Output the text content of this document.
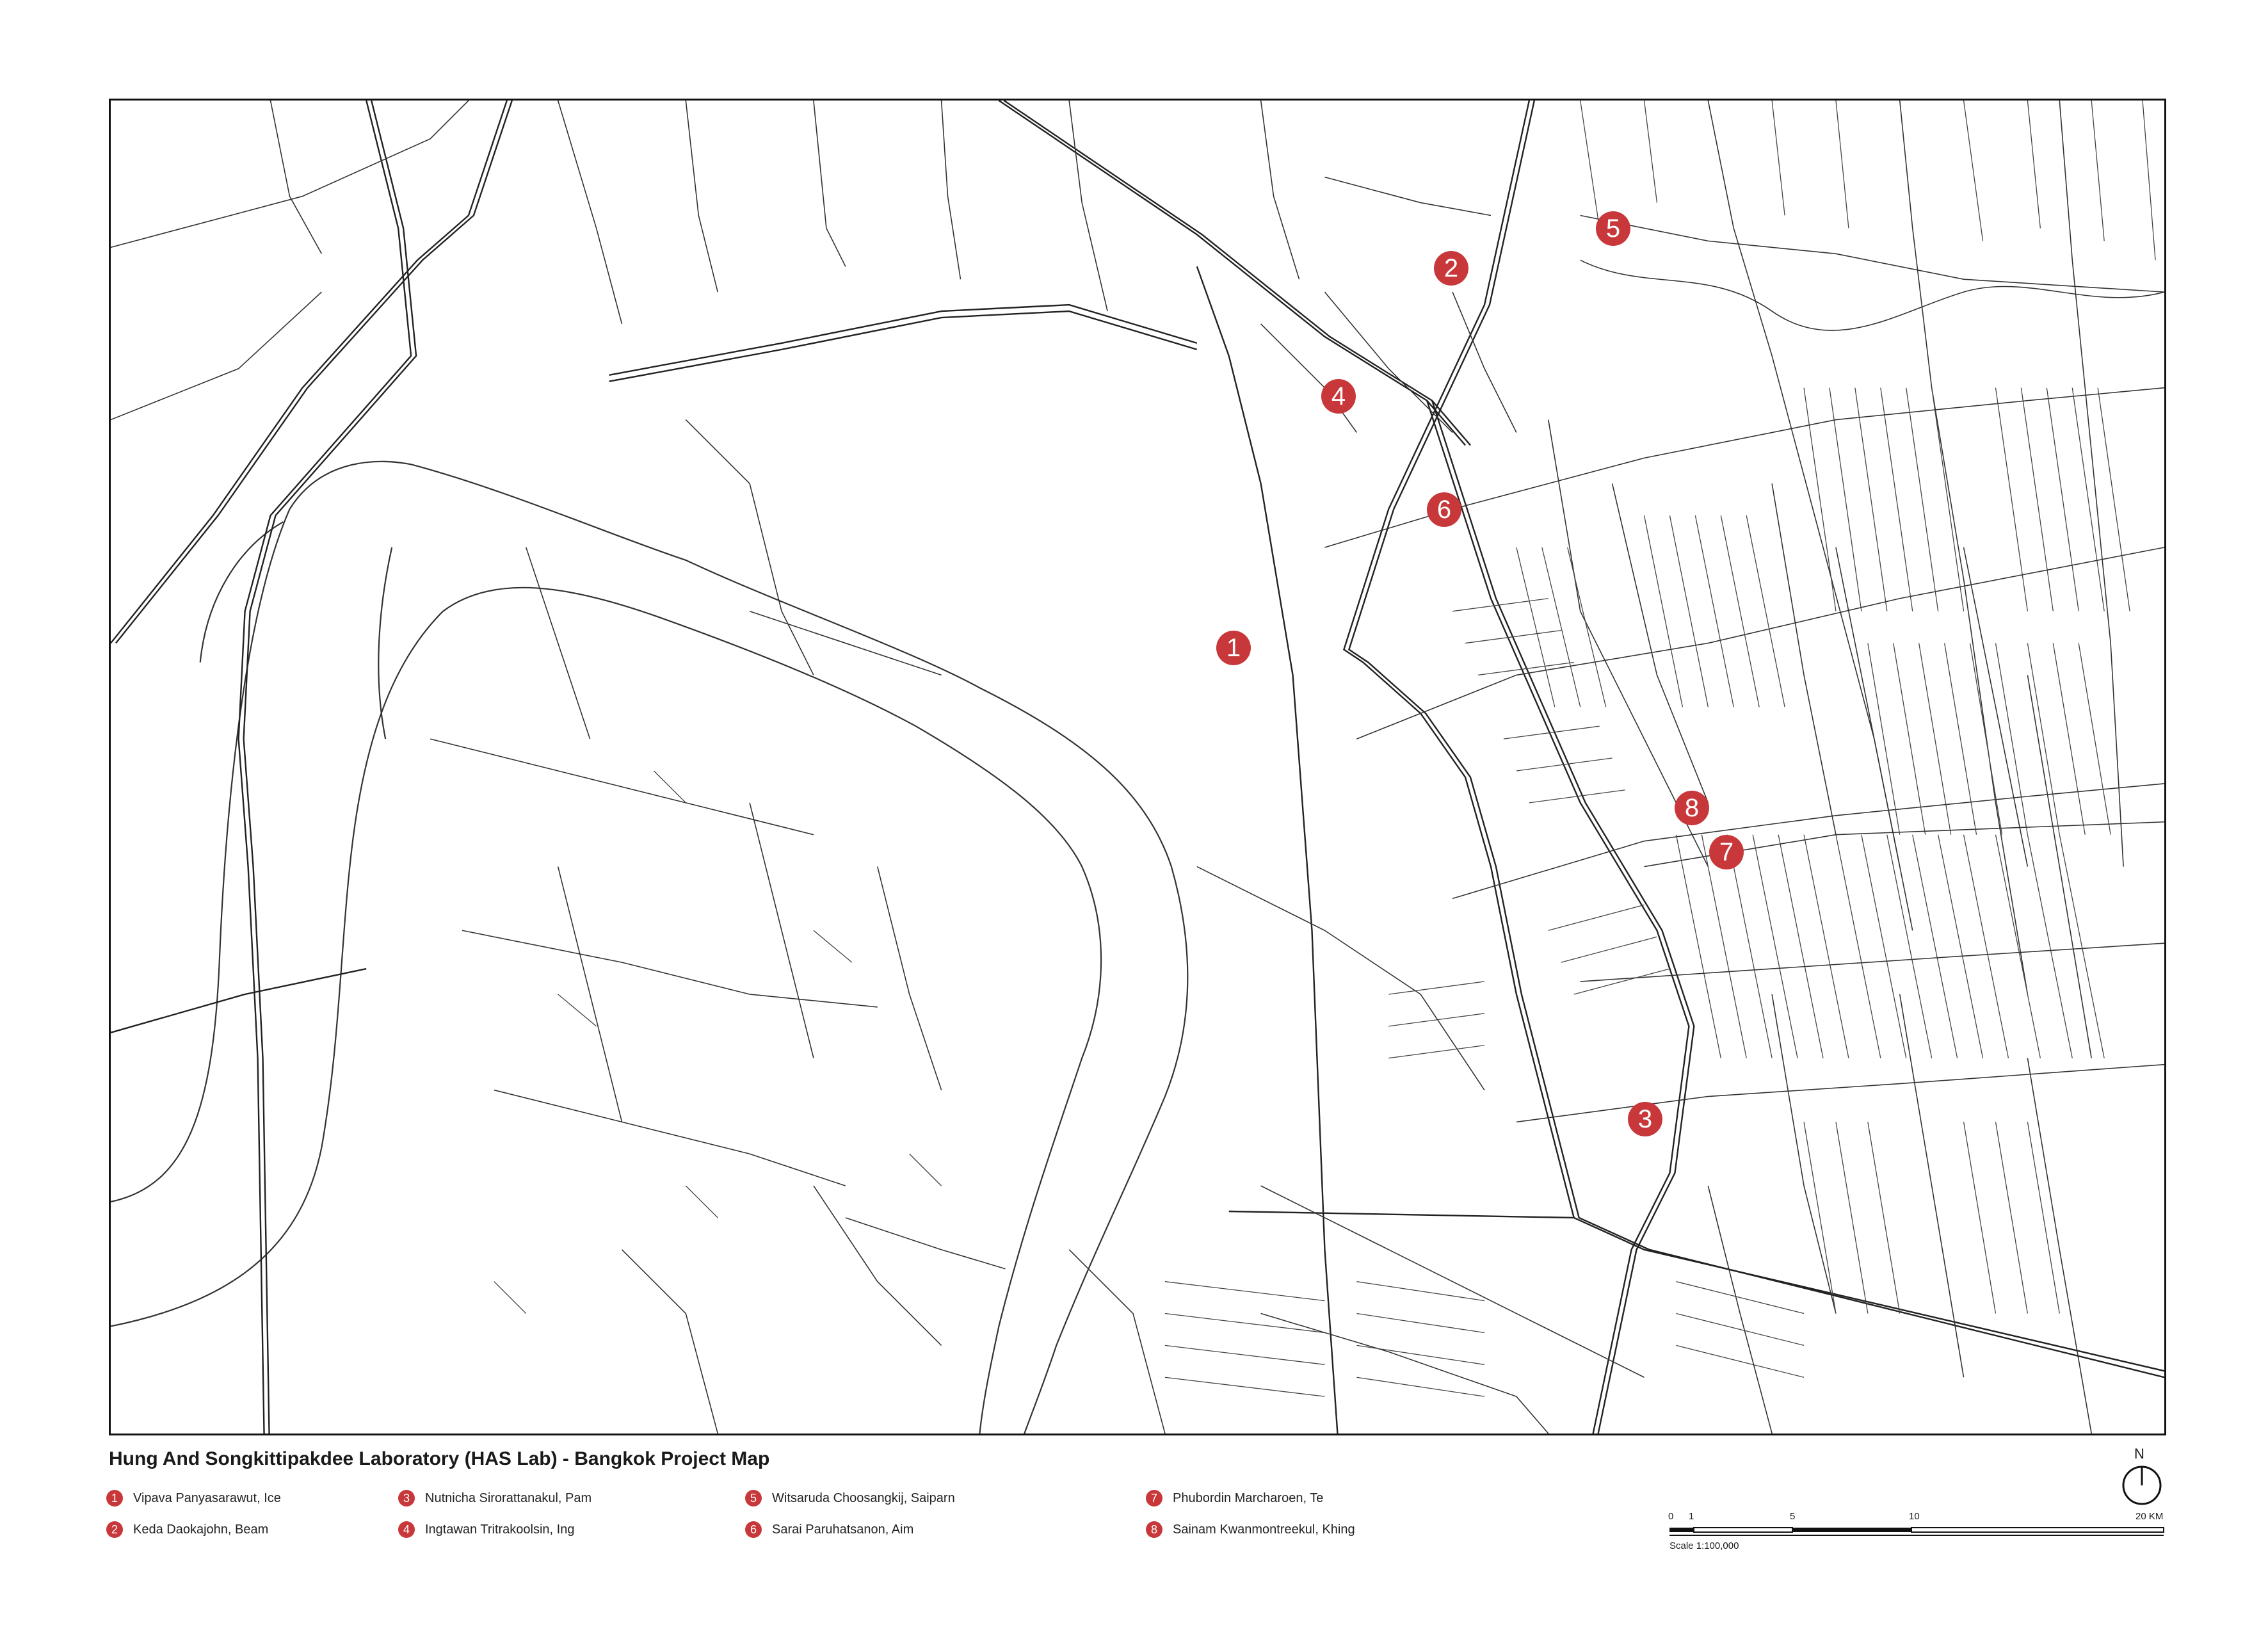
1
2
3
4
5
6
7
8
Hung And Songkittipakdee Laboratory (HAS Lab) - Bangkok Project Map
1	Vipava Panyasarawut, Ice
2	Keda Daokajohn, Beam
3	Nutnicha Sirorattanakul, Pam
4	Ingtawan Tritrakoolsin, Ing
5	Witsaruda Choosangkij, Saiparn
6	Sarai Paruhatsanon, Aim
7	Phubordin Marcharoen, Te
8	Sainam Kwanmontreekul, Khing
N
0 1	5	10	20 KM
Scale 1:100,000
